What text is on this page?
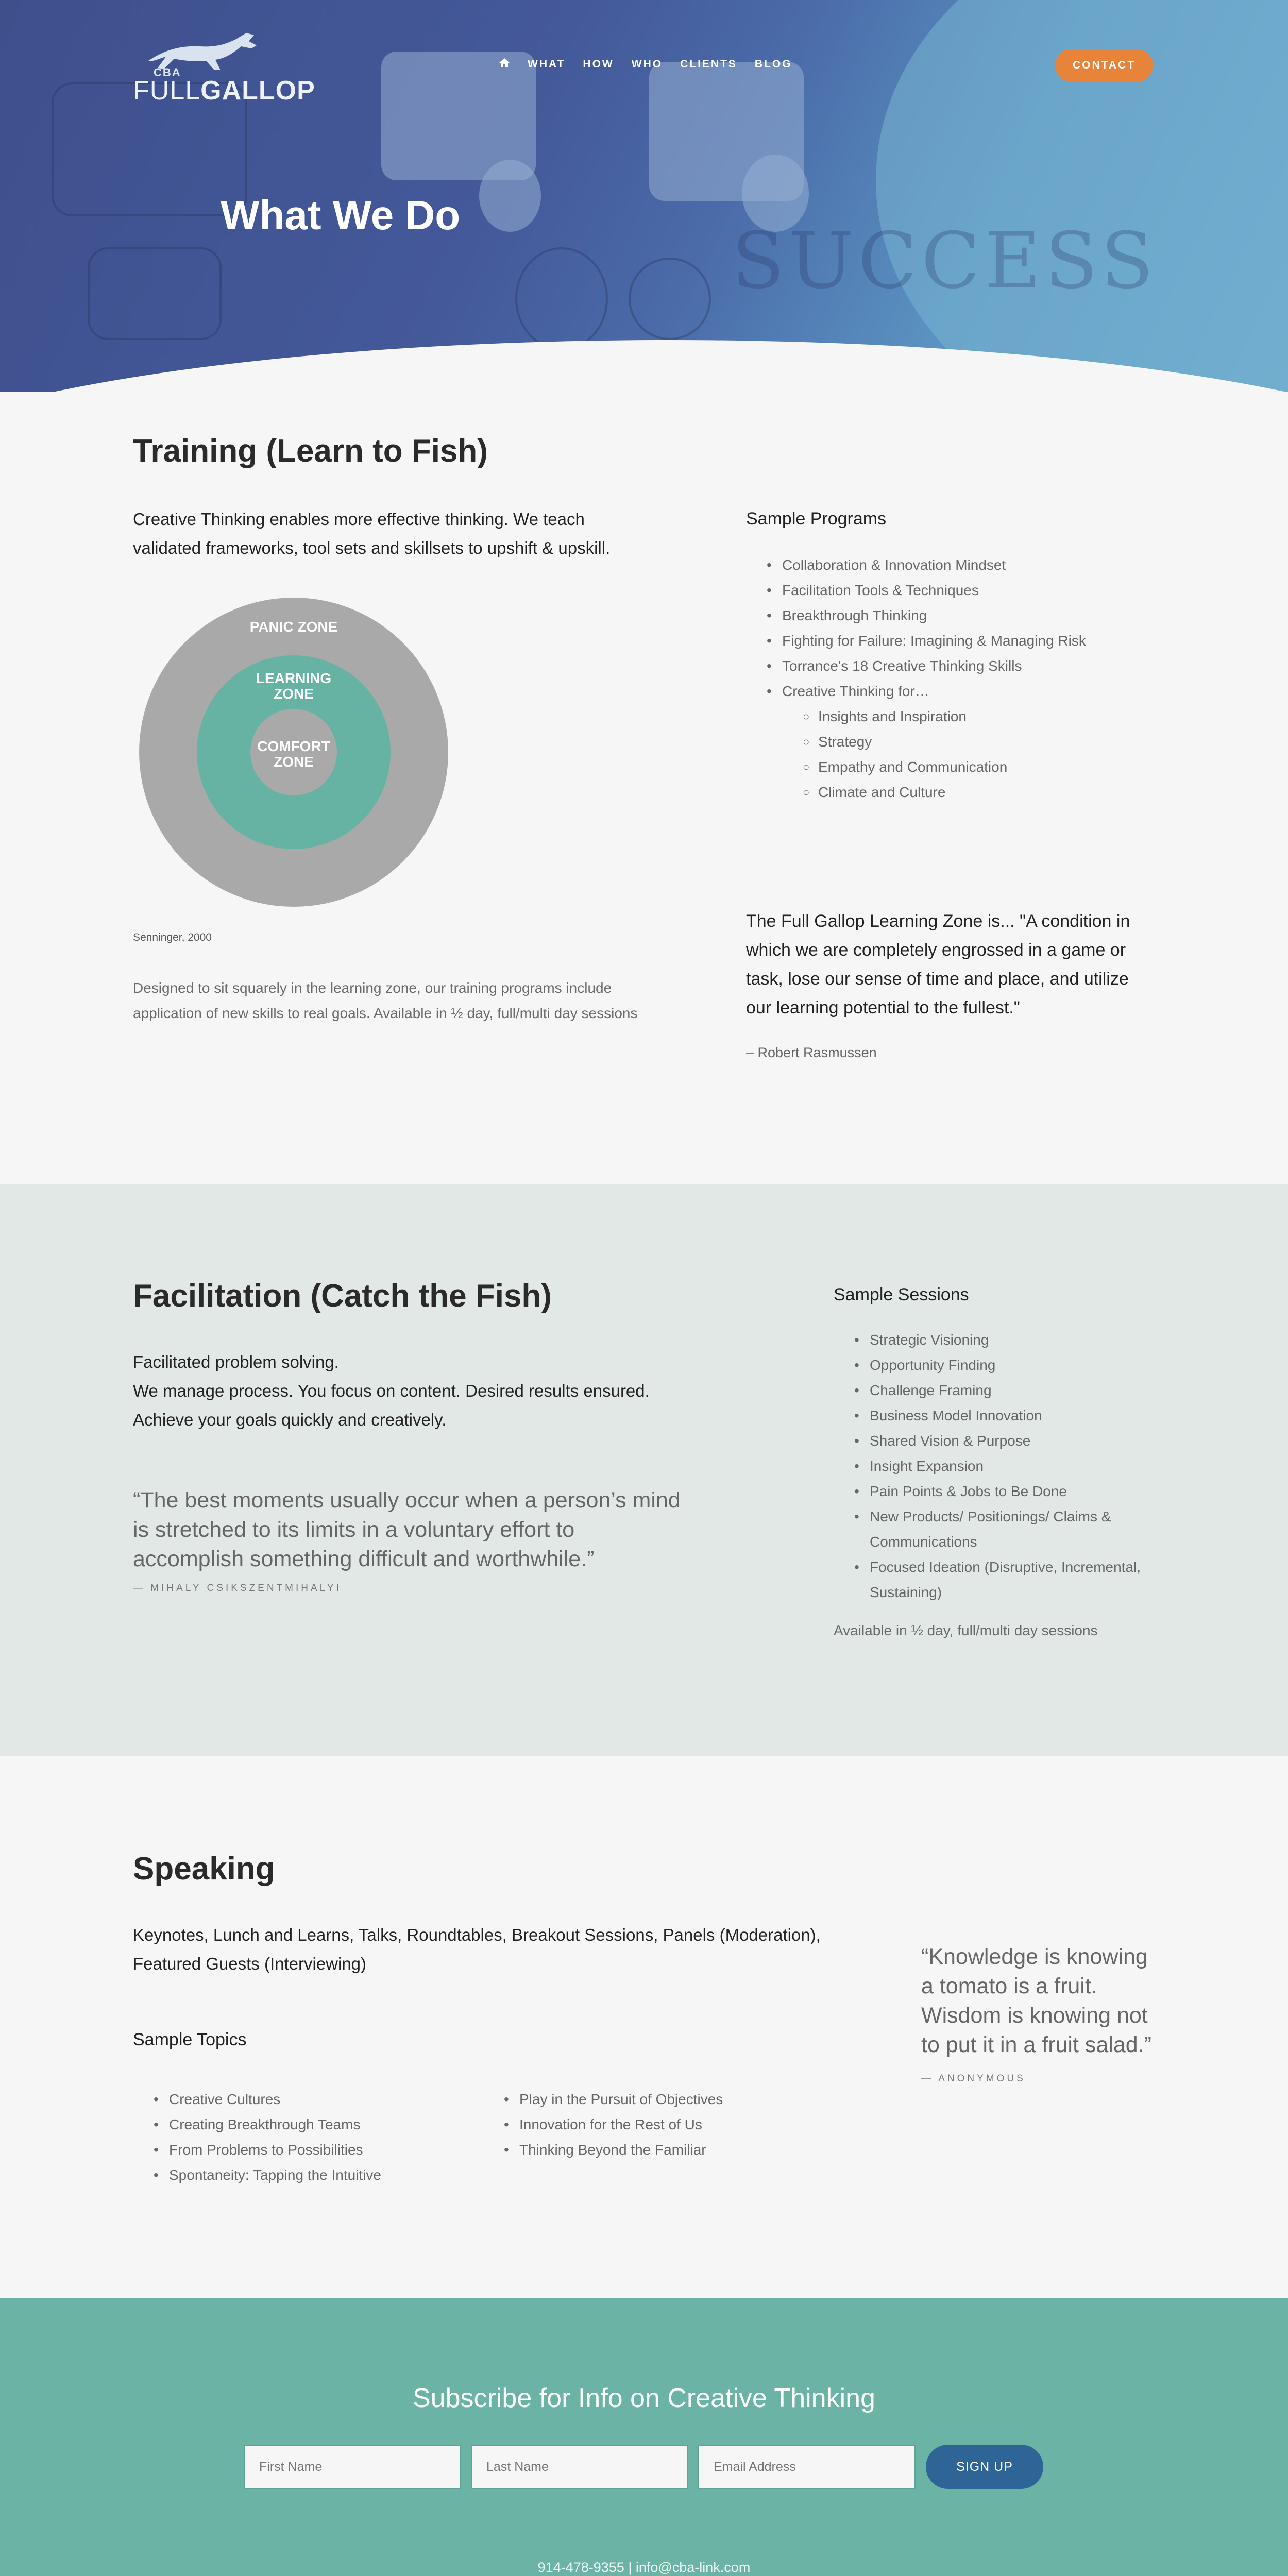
SUCCESS
CBA
FULLGALLOP
WHAT HOW WHO CLIENTS BLOG	CONTACT
What We Do
Training (Learn to Fish)

Creative Thinking enables more effective thinking. We teach validated frameworks, tool sets and skillsets to upshift & upskill.

PANIC ZONE
LEARNING
ZONE
COMFORT
ZONE
Senninger, 2000

Designed to sit squarely in the learning zone, our training programs include application of new skills to real goals. Available in ½ day, full/multi day sessions

Sample Programs
• Collaboration & Innovation Mindset
• Facilitation Tools & Techniques
• Breakthrough Thinking
• Fighting for Failure: Imagining & Managing Risk
• Torrance's 18 Creative Thinking Skills
• Creative Thinking for…
○ Insights and Inspiration
○ Strategy
○ Empathy and Communication
○ Climate and Culture

The Full Gallop Learning Zone is... "A condition in which we are completely engrossed in a game or task, lose our sense of time and place, and utilize our learning potential to the fullest."

– Robert Rasmussen
Facilitation (Catch the Fish)

Facilitated problem solving.

We manage process. You focus on content. Desired results ensured.

Achieve your goals quickly and creatively.

“The best moments usually occur when a person’s mind is stretched to its limits in a voluntary effort to accomplish something difficult and worthwhile.”

— MIHALY CSIKSZENTMIHALYI
Sample Sessions
• Strategic Visioning
• Opportunity Finding
• Challenge Framing
• Business Model Innovation
• Shared Vision & Purpose
• Insight Expansion
• Pain Points & Jobs to Be Done
• New Products/ Positionings/ Claims & Communications
• Focused Ideation (Disruptive, Incremental, Sustaining)
Available in ½ day, full/multi day sessions
Speaking

Keynotes, Lunch and Learns, Talks, Roundtables, Breakout Sessions, Panels (Moderation), Featured Guests (Interviewing)

Sample Topics
• Creative Cultures
• Creating Breakthrough Teams
• From Problems to Possibilities
• Spontaneity: Tapping the Intuitive
• Play in the Pursuit of Objectives
• Innovation for the Rest of Us
• Thinking Beyond the Familiar

“Knowledge is knowing a tomato is a fruit. Wisdom is knowing not to put it in a fruit salad.”

— ANONYMOUS
Subscribe for Info on Creative Thinking
First Name
Last Name
Email Address
SIGN UP
914-478-9355 | info@cba-link.com
